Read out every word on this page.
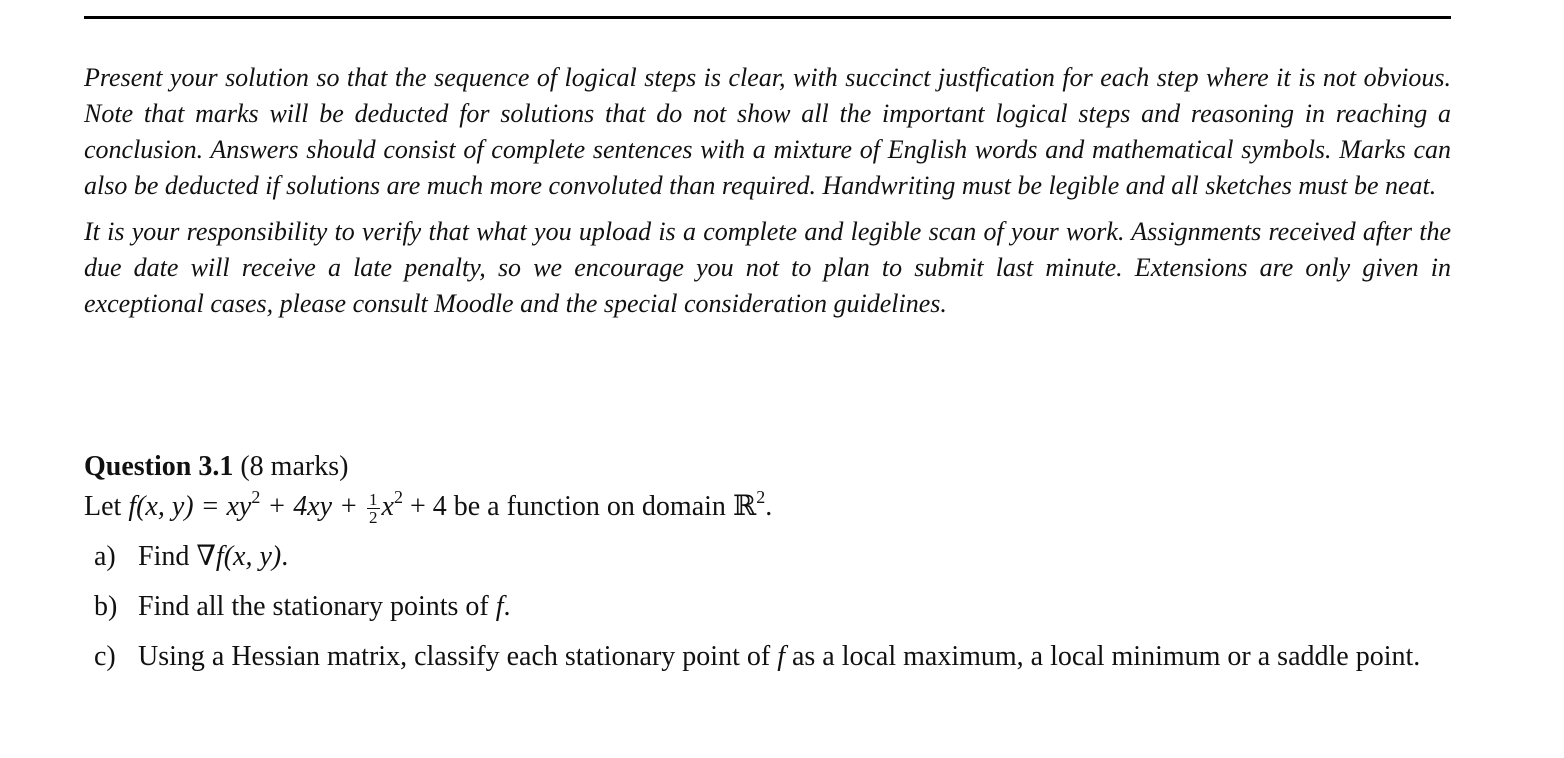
Present your solution so that the sequence of logical steps is clear, with succinct justfication for each step where it is not obvious. Note that marks will be deducted for solutions that do not show all the important logical steps and reasoning in reaching a conclusion. Answers should consist of complete sentences with a mixture of English words and mathematical symbols. Marks can also be deducted if solutions are much more convoluted than required. Handwriting must be legible and all sketches must be neat.

It is your responsibility to verify that what you upload is a complete and legible scan of your work. Assignments received after the due date will receive a late penalty, so we encourage you not to plan to submit last minute. Extensions are only given in exceptional cases, please consult Moodle and the special consideration guidelines.

Question 3.1 (8 marks)
Let f(x, $y) = xy^2 + 4xy + \frac{1}{2} x^2 + 4$ be a function on domain ℝ$^2$.
a) Find ∇f(x, y).
b) Find all the stationary points of f.
c) Using a Hessian matrix, classify each stationary point of f as a local maximum, a local minimum or a saddle point.
